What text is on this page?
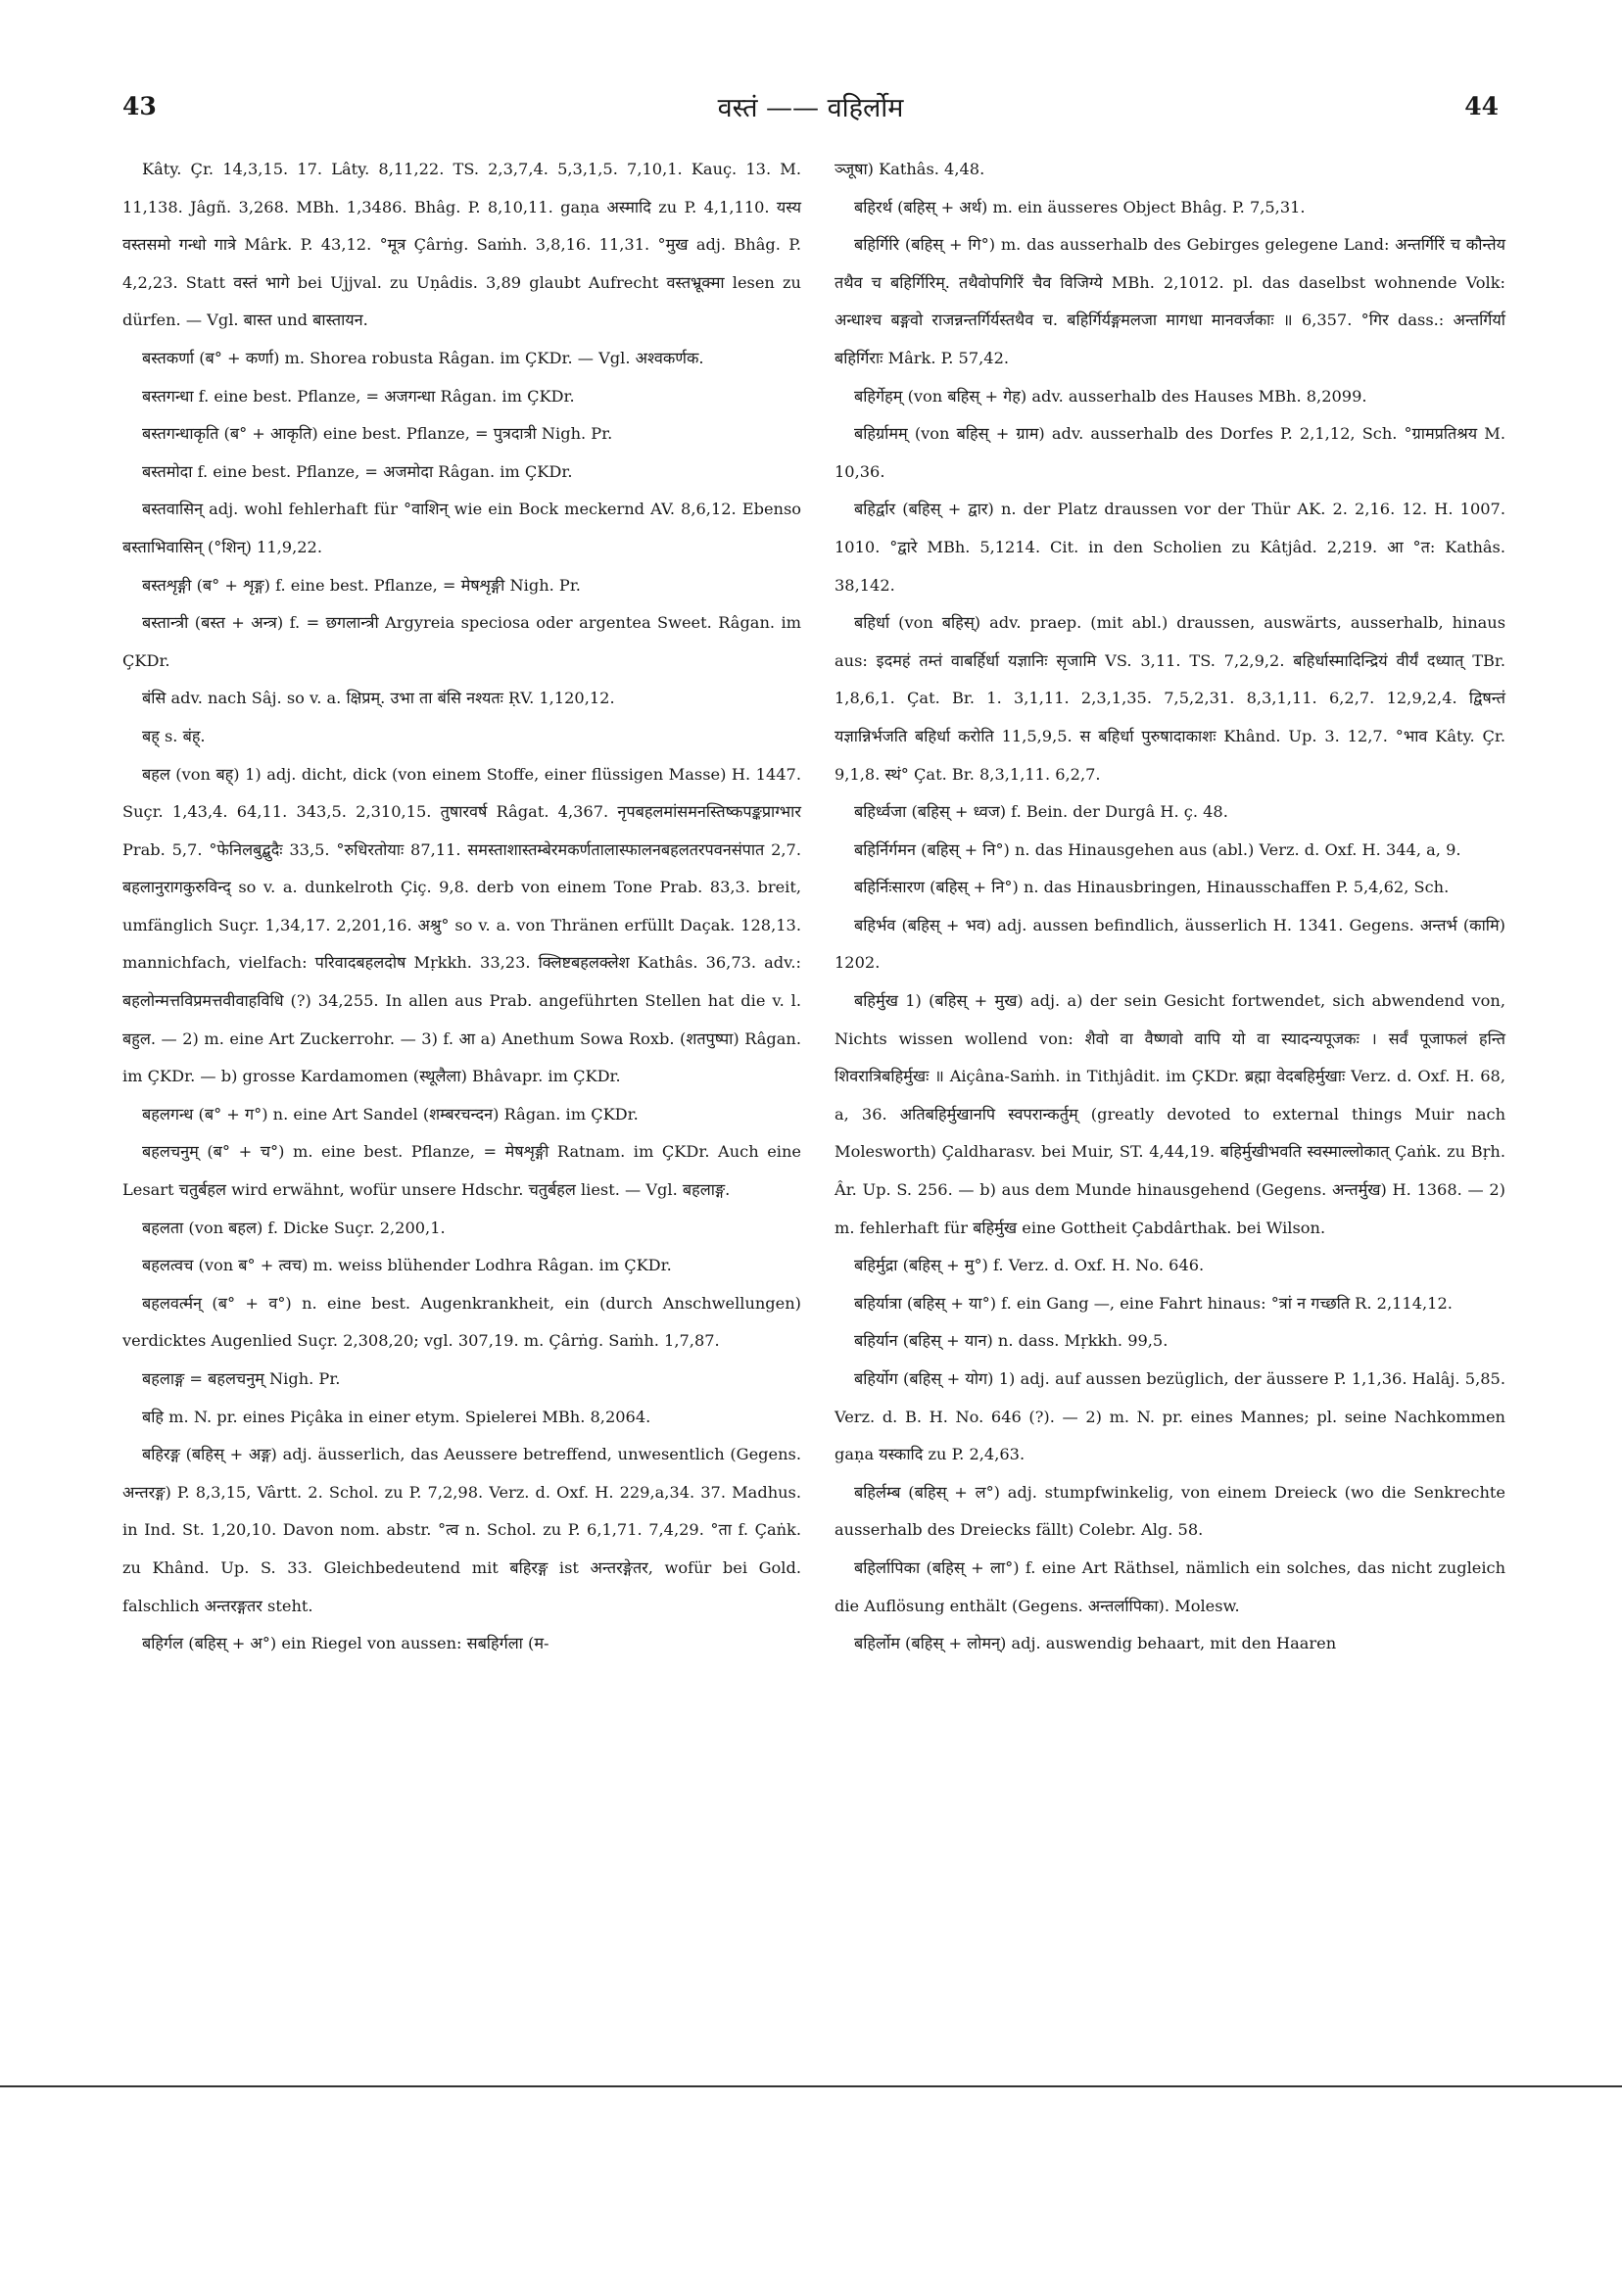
43	वस्तं —— वहिर्लोम	44

Kâty. Çr. 14,3,15. 17. Lâty. 8,11,22. TS. 2,3,7,4. 5,3,1,5. 7,10,1. Kauç. 13. M. 11,138. Jâgñ. 3,268. MBh. 1,3486. Bhâg. P. 8,10,11. gaṇa अस्मादि zu P. 4,1,110. यस्य वस्तसमो गन्धो गात्रे Mârk. P. 43,12. °मूत्र Çârṅg. Saṁh. 3,8,16. 11,31. °मुख adj. Bhâg. P. 4,2,23. Statt वस्तं भागे bei Ujjval. zu Uṇâdis. 3,89 glaubt Aufrecht वस्तभ्रूक्मा lesen zu dürfen. — Vgl. बास्त und बास्तायन.

बस्तकर्णा (ब° + कर्णा) m. Shorea robusta Râgan. im ÇKDr. — Vgl. अश्वकर्णक.

बस्तगन्धा f. eine best. Pflanze, = अजगन्धा Râgan. im ÇKDr.

बस्तगन्धाकृति (ब° + आकृति) eine best. Pflanze, = पुत्रदात्री Nigh. Pr.

बस्तमोदा f. eine best. Pflanze, = अजमोदा Râgan. im ÇKDr.

बस्तवासिन् adj. wohl fehlerhaft für °वाशिन् wie ein Bock meckernd AV. 8,6,12. Ebenso बस्ताभिवासिन् (°शिन्) 11,9,22.

बस्तशृङ्गी (ब° + शृङ्ग) f. eine best. Pflanze, = मेषशृङ्गी Nigh. Pr.

बस्तान्त्री (बस्त + अन्त्र) f. = छगलान्त्री Argyreia speciosa oder argentea Sweet. Râgan. im ÇKDr.

बंसि adv. nach Sâj. so v. a. क्षिप्रम्. उभा ता बंसि नश्यतः ṚV. 1,120,12.

बह् s. बंह्.

बहल (von बह्) 1) adj. dicht, dick (von einem Stoffe, einer flüssigen Masse) H. 1447. Suçr. 1,43,4. 64,11. 343,5. 2,310,15. तुषारवर्ष Râgat. 4,367. नृपबहलमांसमनस्तिष्कपङ्कप्राग्भार Prab. 5,7. °फेनिलबुद्बुदैः 33,5. °रुधिरतोयाः 87,11. समस्ताशास्तम्बेरमकर्णतालास्फालनबहलतरपवनसंपात 2,7. बहलानुरागकुरुविन्द् so v. a. dunkelroth Çiç. 9,8. derb von einem Tone Prab. 83,3. breit, umfänglich Suçr. 1,34,17. 2,201,16. अश्रु° so v. a. von Thränen erfüllt Daçak. 128,13. mannichfach, vielfach: परिवादबहलदोष Mṛkkh. 33,23. क्लिष्टबहलक्लेश Kathâs. 36,73. adv.: बहलोन्मत्तविप्रमत्तवीवाहविधि (?) 34,255. In allen aus Prab. angeführten Stellen hat die v. l. बहुल. — 2) m. eine Art Zuckerrohr. — 3) f. आ a) Anethum Sowa Roxb. (शतपुष्पा) Râgan. im ÇKDr. — b) grosse Kardamomen (स्थूलैला) Bhâvapr. im ÇKDr.

बहलगन्ध (ब° + ग°) n. eine Art Sandel (शम्बरचन्दन) Râgan. im ÇKDr.

बहलचनुम् (ब° + च°) m. eine best. Pflanze, = मेषशृङ्गी Ratnam. im ÇKDr. Auch eine Lesart चतुर्बहल wird erwähnt, wofür unsere Hdschr. चतुर्बहल liest. — Vgl. बहलाङ्ग.

बहलता (von बहल) f. Dicke Suçr. 2,200,1.

बहलत्वच (von ब° + त्वच) m. weiss blühender Lodhra Râgan. im ÇKDr.

बहलवर्त्मन् (ब° + व°) n. eine best. Augenkrankheit, ein (durch Anschwellungen) verdicktes Augenlied Suçr. 2,308,20; vgl. 307,19. m. Çârṅg. Saṁh. 1,7,87.

बहलाङ्ग = बहलचनुम् Nigh. Pr.

बहि m. N. pr. eines Piçâka in einer etym. Spielerei MBh. 8,2064.

बहिरङ्ग (बहिस् + अङ्ग) adj. äusserlich, das Aeussere betreffend, unwesentlich (Gegens. अन्तरङ्ग) P. 8,3,15, Vârtt. 2. Schol. zu P. 7,2,98. Verz. d. Oxf. H. 229,a,34. 37. Madhus. in Ind. St. 1,20,10. Davon nom. abstr. °त्व n. Schol. zu P. 6,1,71. 7,4,29. °ता f. Çaṅk. zu Khând. Up. S. 33. Gleichbedeutend mit बहिरङ्ग ist अन्तरङ्गेतर, wofür bei Gold. falschlich अन्तरङ्गतर steht.

बहिर्गल (बहिस् + अ°) ein Riegel von aussen: सबहिर्गला (म-

ञ्जूषा) Kathâs. 4,48.

बहिरर्थ (बहिस् + अर्थ) m. ein äusseres Object Bhâg. P. 7,5,31.

बहिर्गिरि (बहिस् + गि°) m. das ausserhalb des Gebirges gelegene Land: अन्तर्गिरिं च कौन्तेय तथैव च बहिर्गिरिम्. तथैवोपगिरिं चैव विजिग्ये MBh. 2,1012. pl. das daselbst wohnende Volk: अन्धाश्च बङ्गवो राजन्नन्तर्गिर्यस्तथैव च. बहिर्गिर्यङ्गमलजा मागधा मानवर्जकाः ॥ 6,357. °गिर dass.: अन्तर्गिर्या बहिर्गिराः Mârk. P. 57,42.

बहिर्गेहम् (von बहिस् + गेह) adv. ausserhalb des Hauses MBh. 8,2099.

बहिर्ग्रामम् (von बहिस् + ग्राम) adv. ausserhalb des Dorfes P. 2,1,12, Sch. °ग्रामप्रतिश्रय M. 10,36.

बहिर्द्वार (बहिस् + द्वार) n. der Platz draussen vor der Thür AK. 2. 2,16. 12. H. 1007. 1010. °द्वारे MBh. 5,1214. Cit. in den Scholien zu Kâtjâd. 2,219. आ °त: Kathâs. 38,142.

बहिर्धा (von बहिस्) adv. praep. (mit abl.) draussen, auswärts, ausserhalb, hinaus aus: इदमहं तम्तं वाबर्हिर्धा यज्ञानिः सृजामि VS. 3,11. TS. 7,2,9,2. बहिर्धास्मादिन्द्रियं वीर्यं दध्यात् TBr. 1,8,6,1. Çat. Br. 1. 3,1,11. 2,3,1,35. 7,5,2,31. 8,3,1,11. 6,2,7. 12,9,2,4. द्विषन्तं यज्ञान्निर्भजति बहिर्धा करोति 11,5,9,5. स बहिर्धा पुरुषादाकाशः Khând. Up. 3. 12,7. °भाव Kâty. Çr. 9,1,8. स्थं° Çat. Br. 8,3,1,11. 6,2,7.

बहिर्ध्वजा (बहिस् + ध्वज) f. Bein. der Durgâ H. ç. 48.

बहिर्निर्गमन (बहिस् + नि°) n. das Hinausgehen aus (abl.) Verz. d. Oxf. H. 344, a, 9.

बहिर्निःसारण (बहिस् + नि°) n. das Hinausbringen, Hinausschaffen P. 5,4,62, Sch.

बहिर्भव (बहिस् + भव) adj. aussen befindlich, äusserlich H. 1341. Gegens. अन्तर्भ (कामि) 1202.

बहिर्मुख 1) (बहिस् + मुख) adj. a) der sein Gesicht fortwendet, sich abwendend von, Nichts wissen wollend von: शैवो वा वैष्णवो वापि यो वा स्यादन्यपूजकः । सर्वं पूजाफलं हन्ति शिवरात्रिबहिर्मुखः ॥ Aiçâna-Saṁh. in Tithjâdit. im ÇKDr. ब्रह्मा वेदबहिर्मुखाः Verz. d. Oxf. H. 68, a, 36. अतिबहिर्मुखानपि स्वपरान्कर्तुम् (greatly devoted to external things Muir nach Molesworth) Çaldharasv. bei Muir, ST. 4,44,19. बहिर्मुखीभवति स्वस्माल्लोकात् Çaṅk. zu Bṛh. Âr. Up. S. 256. — b) aus dem Munde hinausgehend (Gegens. अन्तर्मुख) H. 1368. — 2) m. fehlerhaft für बहिर्मुख eine Gottheit Çabdârthak. bei Wilson.

बहिर्मुद्रा (बहिस् + मु°) f. Verz. d. Oxf. H. No. 646.

बहिर्यात्रा (बहिस् + या°) f. ein Gang —, eine Fahrt hinaus: °त्रां न गच्छति R. 2,114,12.

बहिर्यान (बहिस् + यान) n. dass. Mṛkkh. 99,5.

बहिर्योग (बहिस् + योग) 1) adj. auf aussen bezüglich, der äussere P. 1,1,36. Halâj. 5,85. Verz. d. B. H. No. 646 (?). — 2) m. N. pr. eines Mannes; pl. seine Nachkommen gaṇa यस्कादि zu P. 2,4,63.

बहिर्लम्ब (बहिस् + ल°) adj. stumpfwinkelig, von einem Dreieck (wo die Senkrechte ausserhalb des Dreiecks fällt) Colebr. Alg. 58.

बहिर्लापिका (बहिस् + ला°) f. eine Art Räthsel, nämlich ein solches, das nicht zugleich die Auflösung enthält (Gegens. अन्तर्लापिका). Molesw.

बहिर्लोम (बहिस् + लोमन्) adj. auswendig behaart, mit den Haaren
